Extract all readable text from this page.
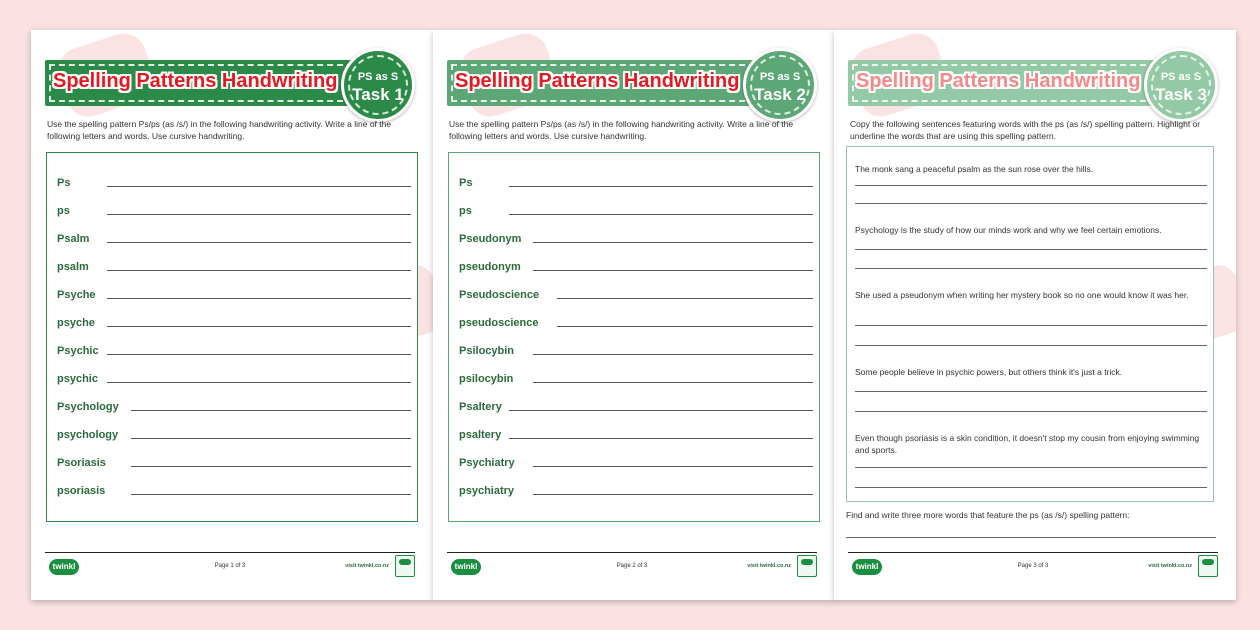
Spelling Patterns Handwriting	PS as S
Task 1
Use the spelling pattern Ps/ps (as /s/) in the following handwriting activity. Write a line of the following letters and words. Use cursive handwriting.
Ps
ps
Psalm
psalm
Psyche
psyche
Psychic
psychic
Psychology
psychology
Psoriasis
psoriasis
twinkl	Page 1 of 3	visit twinkl.co.nz
Spelling Patterns Handwriting	PS as S
Task 2
Use the spelling pattern Ps/ps (as /s/) in the following handwriting activity. Write a line of the following letters and words. Use cursive handwriting.
Ps
ps
Pseudonym
pseudonym
Pseudoscience
pseudoscience
Psilocybin
psilocybin
Psaltery
psaltery
Psychiatry
psychiatry
twinkl	Page 2 of 3	visit twinkl.co.nz
Spelling Patterns Handwriting	PS as S
Task 3
Copy the following sentences featuring words with the ps (as /s/) spelling pattern. Highlight or underline the words that are using this spelling pattern.
The monk sang a peaceful psalm as the sun rose over the hills.
Psychology is the study of how our minds work and why we feel certain emotions.
She used a pseudonym when writing her mystery book so no one would know it was her.
Some people believe in psychic powers, but others think it's just a trick.
Even though psoriasis is a skin condition, it doesn't stop my cousin from enjoying swimming and sports.
Find and write three more words that feature the ps (as /s/) spelling pattern:
twinkl	Page 3 of 3	visit twinkl.co.nz
